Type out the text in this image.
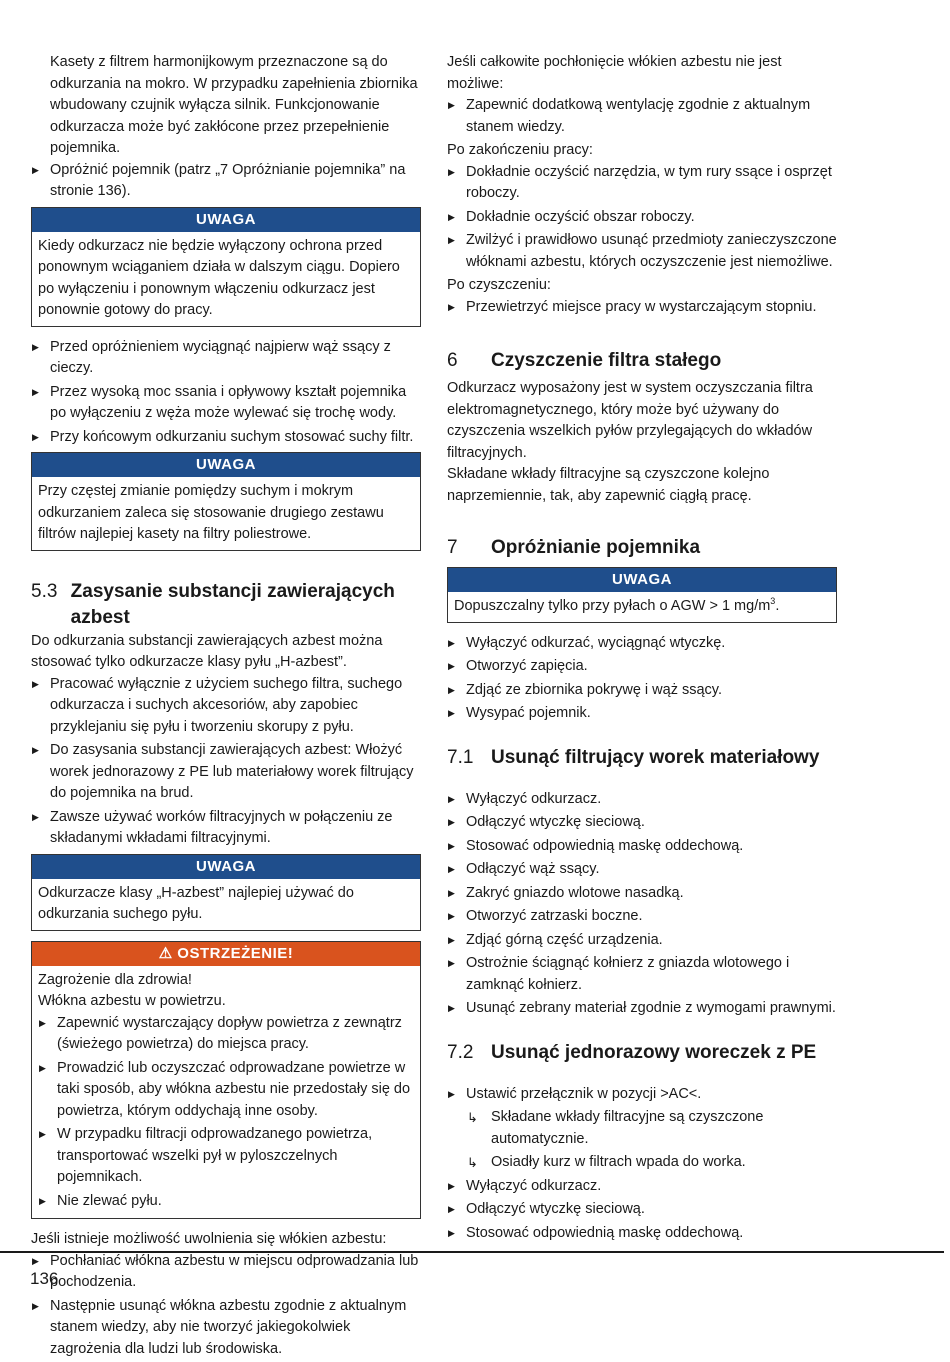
Kasety z filtrem harmonijkowym przeznaczone są do odkurzania na mokro. W przypadku zapełnienia zbiornika wbudowany czujnik wyłącza silnik. Funkcjonowanie odkurzacza może być zakłócone przez przepełnienie pojemnika.

▶ Opróżnić pojemnik (patrz „7 Opróżnianie pojemnika” na stronie 136).
UWAGA
Kiedy odkurzacz nie będzie wyłączony ochrona przed ponownym wciąganiem działa w dalszym ciągu. Dopiero po wyłączeniu i ponownym włączeniu odkurzacz jest ponownie gotowy do pracy.
▶ Przed opróżnieniem wyciągnąć najpierw wąż ssący z cieczy.
▶ Przez wysoką moc ssania i opływowy kształt pojemnika po wyłączeniu z węża może wylewać się trochę wody.
▶ Przy końcowym odkurzaniu suchym stosować suchy filtr.
UWAGA
Przy częstej zmianie pomiędzy suchym i mokrym odkurzaniem zaleca się stosowanie drugiego zestawu filtrów najlepiej kasety na filtry poliestrowe.
5.3 Zasysanie substancji zawierających azbest

Do odkurzania substancji zawierających azbest można stosować tylko odkurzacze klasy pyłu „H-azbest”.

▶ Pracować wyłącznie z użyciem suchego filtra, suchego odkurzacza i suchych akcesoriów, aby zapobiec przyklejaniu się pyłu i tworzeniu skorupy z pyłu.
▶ Do zasysania substancji zawierających azbest: Włożyć worek jednorazowy z PE lub materiałowy worek filtrujący do pojemnika na brud.
▶ Zawsze używać worków filtracyjnych w połączeniu ze składanymi wkładami filtracyjnymi.
UWAGA
Odkurzacze klasy „H-azbest” najlepiej używać do odkurzania suchego pyłu.
⚠ OSTRZEŻENIE!

Zagrożenie dla zdrowia!

Włókna azbestu w powietrzu.

▶ Zapewnić wystarczający dopływ powietrza z zewnątrz (świeżego powietrza) do miejsca pracy.
▶ Prowadzić lub oczyszczać odprowadzane powietrze w taki sposób, aby włókna azbestu nie przedostały się do powietrza, którym oddychają inne osoby.
▶ W przypadku filtracji odprowadzanego powietrza, transportować wszelki pył w pyloszczelnych pojemnikach.
▶ Nie zlewać pyłu.

Jeśli istnieje możliwość uwolnienia się włókien azbestu:

▶ Pochłaniać włókna azbestu w miejscu odprowadzania lub pochodzenia.
▶ Następnie usunąć włókna azbestu zgodnie z aktualnym stanem wiedzy, aby nie tworzyć jakiegokolwiek zagrożenia dla ludzi lub środowiska.

Jeśli całkowite pochłonięcie włókien azbestu nie jest możliwe:

▶ Zapewnić dodatkową wentylację zgodnie z aktualnym stanem wiedzy.

Po zakończeniu pracy:

▶ Dokładnie oczyścić narzędzia, w tym rury ssące i osprzęt roboczy.
▶ Dokładnie oczyścić obszar roboczy.
▶ Zwilżyć i prawidłowo usunąć przedmioty zanieczyszczone włóknami azbestu, których oczyszczenie jest niemożliwe.

Po czyszczeniu:

▶ Przewietrzyć miejsce pracy w wystarczającym stopniu.
6	Czyszczenie filtra stałego

Odkurzacz wyposażony jest w system oczyszczania filtra elektromagnetycznego, który może być używany do czyszczenia wszelkich pyłów przylegających do wkładów filtracyjnych.

Składane wkłady filtracyjne są czyszczone kolejno naprzemiennie, tak, aby zapewnić ciągłą pracę.

7	Opróżnianie pojemnika
UWAGA
Dopuszczalny tylko przy pyłach o AGW > 1 $mg/m^3$.
▶ Wyłączyć odkurzać, wyciągnąć wtyczkę.
▶ Otworzyć zapięcia.
▶ Zdjąć ze zbiornika pokrywę i wąż ssący.
▶ Wysypać pojemnik.
7.1 Usunąć filtrujący worek materiałowy
▶ Wyłączyć odkurzacz.
▶ Odłączyć wtyczkę sieciową.
▶ Stosować odpowiednią maskę oddechową.
▶ Odłączyć wąż ssący.
▶ Zakryć gniazdo wlotowe nasadką.
▶ Otworzyć zatrzaski boczne.
▶ Zdjąć górną część urządzenia.
▶ Ostrożnie ściągnąć kołnierz z gniazda wlotowego i zamknąć kołnierz.
▶ Usunąć zebrany materiał zgodnie z wymogami prawnymi.
7.2 Usunąć jednorazowy woreczek z PE
▶ Ustawić przełącznik w pozycji >AC<.
↳ Składane wkłady filtracyjne są czyszczone automatycznie.
↳ Osiadły kurz w filtrach wpada do worka.
▶ Wyłączyć odkurzacz.
▶ Odłączyć wtyczkę sieciową.
▶ Stosować odpowiednią maskę oddechową.
136
